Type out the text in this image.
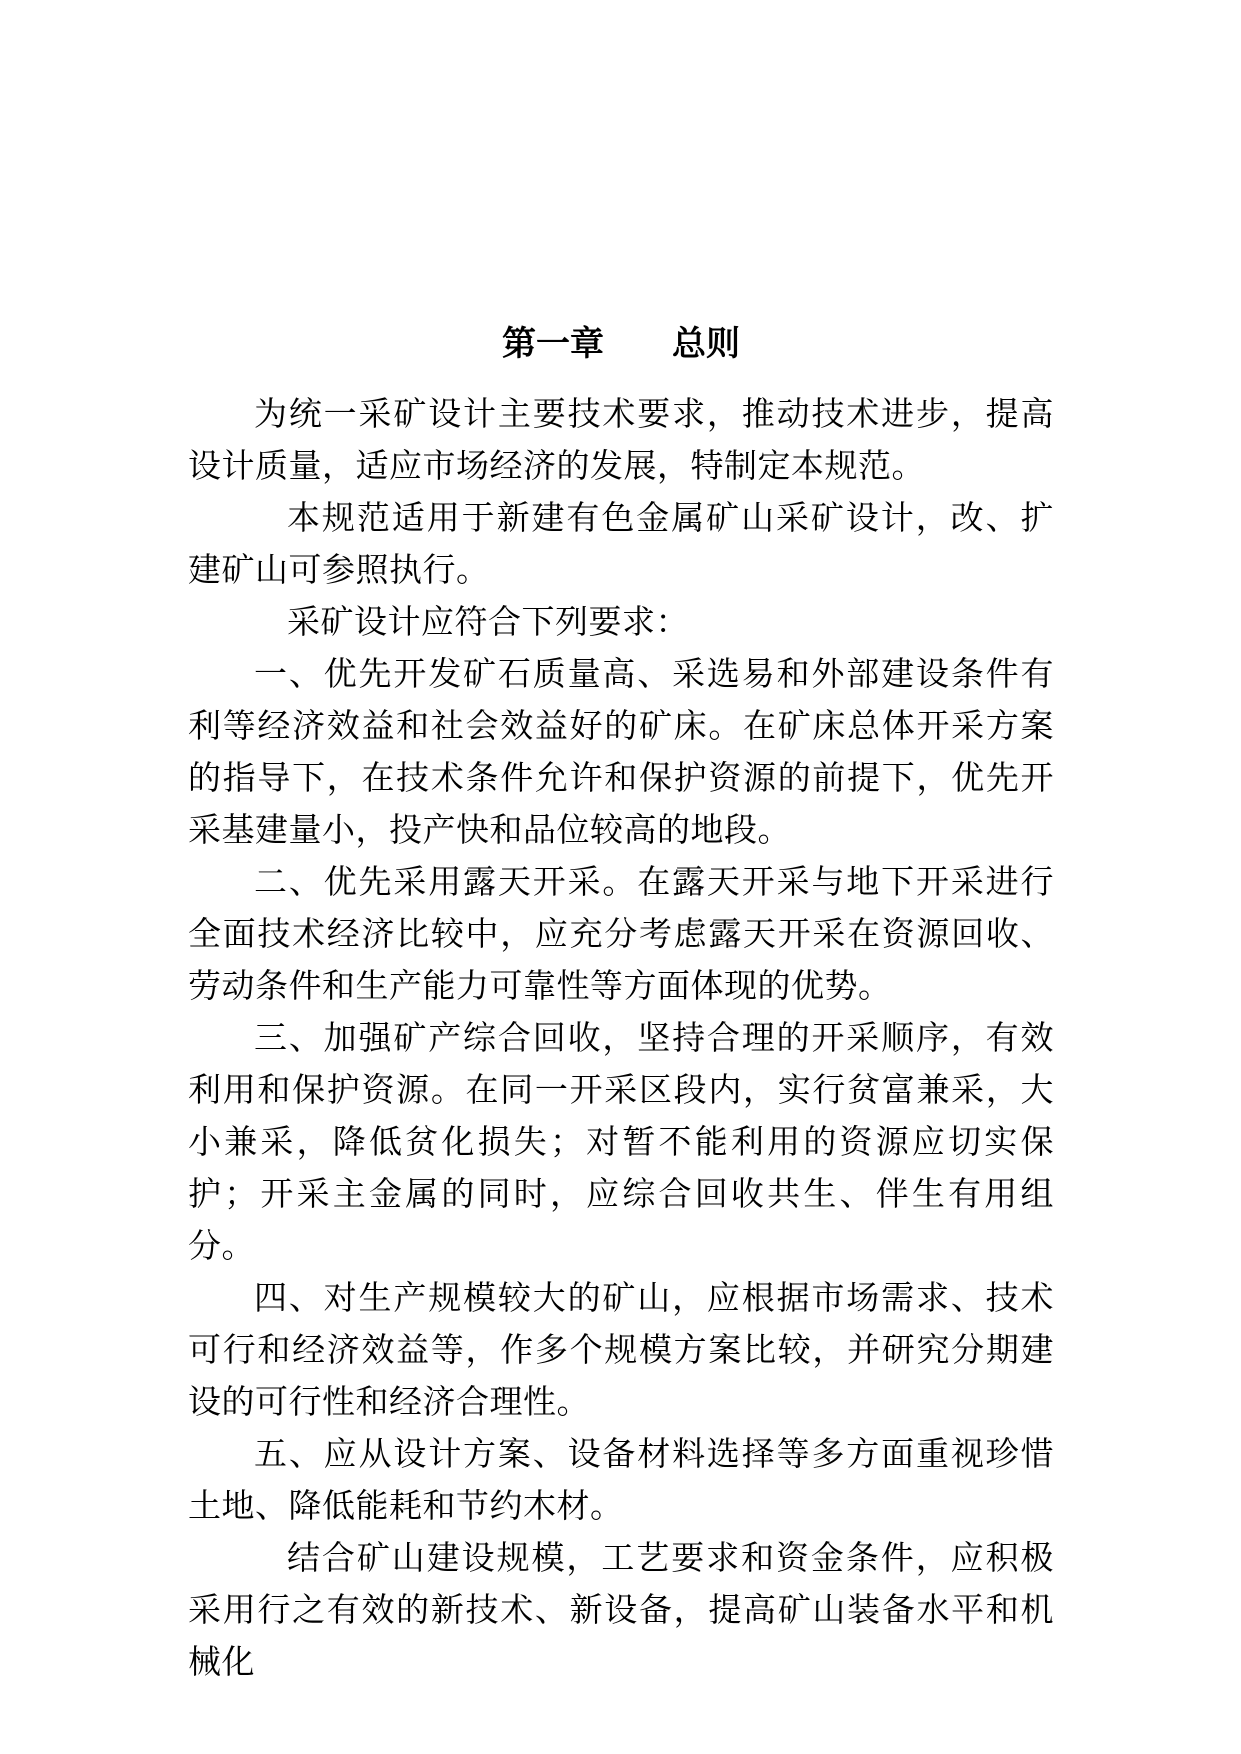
第一章 总则

为统一采矿设计主要技术要求，推动技术进步，提高设计质量，适应市场经济的发展，特制定本规范。

本规范适用于新建有色金属矿山采矿设计，改、扩建矿山可参照执行。

采矿设计应符合下列要求：

一、优先开发矿石质量高、采选易和外部建设条件有利等经济效益和社会效益好的矿床。在矿床总体开采方案的指导下，在技术条件允许和保护资源的前提下，优先开采基建量小，投产快和品位较高的地段。

二、优先采用露天开采。在露天开采与地下开采进行全面技术经济比较中，应充分考虑露天开采在资源回收、劳动条件和生产能力可靠性等方面体现的优势。

三、加强矿产综合回收，坚持合理的开采顺序，有效利用和保护资源。在同一开采区段内，实行贫富兼采，大小兼采，降低贫化损失；对暂不能利用的资源应切实保护；开采主金属的同时，应综合回收共生、伴生有用组分。

四、对生产规模较大的矿山，应根据市场需求、技术可行和经济效益等，作多个规模方案比较，并研究分期建设的可行性和经济合理性。

五、应从设计方案、设备材料选择等多方面重视珍惜土地、降低能耗和节约木材。

结合矿山建设规模，工艺要求和资金条件，应积极采用行之有效的新技术、新设备，提高矿山装备水平和机械化
